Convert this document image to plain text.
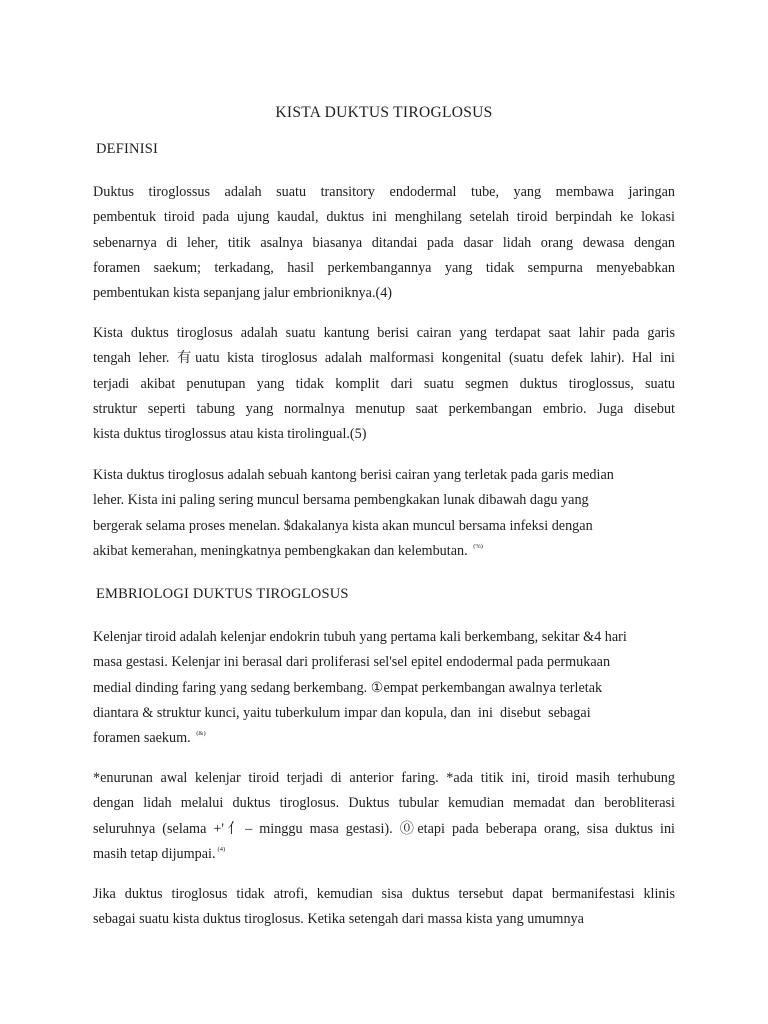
KISTA DUKTUS TIROGLOSUS
DEFINISI
Duktus tiroglossus adalah suatu transitory endodermal tube, yang membawa jaringan
pembentuk tiroid pada ujung kaudal, duktus ini menghilang setelah tiroid berpindah ke lokasi
sebenarnya di leher, titik asalnya biasanya ditandai pada dasar lidah orang dewasa dengan
foramen saekum; terkadang, hasil perkembangannya yang tidak sempurna menyebabkan
pembentukan kista sepanjang jalur embrioniknya.(4)
Kista duktus tiroglosus adalah suatu kantung berisi cairan yang terdapat saat lahir pada garis
tengah leher. 有uatu kista tiroglosus adalah malformasi kongenital (suatu defek lahir). Hal ini
terjadi akibat penutupan yang tidak komplit dari suatu segmen duktus tiroglossus, suatu
struktur seperti tabung yang normalnya menutup saat perkembangan embrio. Juga disebut
kista duktus tiroglossus atau kista tirolingual.(5)
Kista duktus tiroglosus adalah sebuah kantong berisi cairan yang terletak pada garis median
leher. Kista ini paling sering muncul bersama pembengkakan lunak dibawah dagu yang
bergerak selama proses menelan. $dakalanya kista akan muncul bersama infeksi dengan
akibat kemerahan, meningkatnya pembengkakan dan kelembutan. (%)
EMBRIOLOGI DUKTUS TIROGLOSUS
Kelenjar tiroid adalah kelenjar endokrin tubuh yang pertama kali berkembang, sekitar &4 hari
masa gestasi. Kelenjar ini berasal dari proliferasi sel'sel epitel endodermal pada permukaan
medial dinding faring yang sedang berkembang. ①empat perkembangan awalnya terletak
diantara & struktur kunci, yaitu tuberkulum impar dan kopula, dan  ini  disebut  sebagai
foramen saekum. (&)
*enurunan awal kelenjar tiroid terjadi di anterior faring. *ada titik ini, tiroid masih terhubung
dengan lidah melalui duktus tiroglosus. Duktus tubular kemudian memadat dan berobliterasi
seluruhnya (selama +'亻– minggu masa gestasi). ⓪etapi pada beberapa orang, sisa duktus ini
masih tetap dijumpai. $^{(4)}$
Jika duktus tiroglosus tidak atrofi, kemudian sisa duktus tersebut dapat bermanifestasi klinis
sebagai suatu kista duktus tiroglosus. Ketika setengah dari massa kista yang umumnya
